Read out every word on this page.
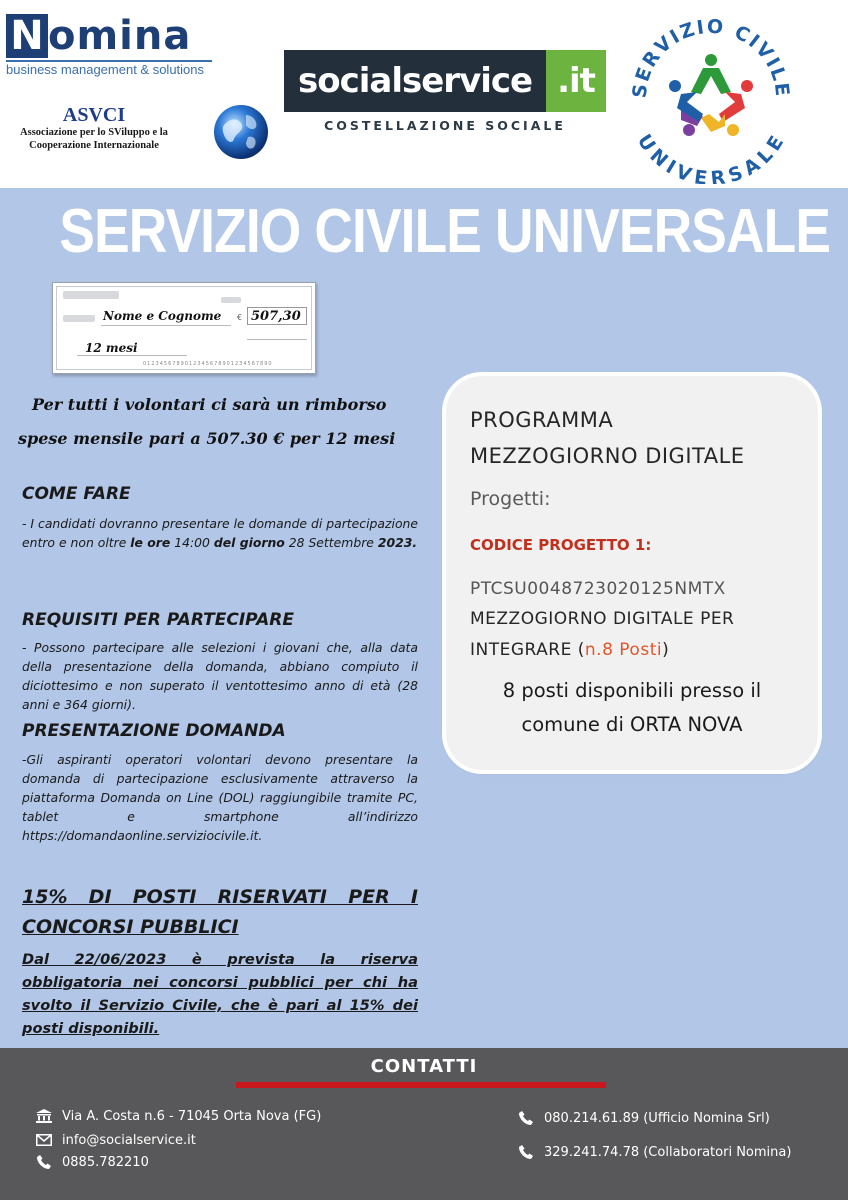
N omina
business management & solutions
ASVCI
Associazione per lo SViluppo e la
Cooperazione Internazionale
socialservice .it
COSTELLAZIONE SOCIALE
SERVIZIO CIVILE
UNIVERSALE
SERVIZIO CIVILE UNIVERSALE
Nome e Cognome € 507,30
12 mesi
0123456789012345678901234567890
Per tutti i volontari ci sarà un rimborso
spese mensile pari a 507.30 € per 12 mesi
COME FARE
- I candidati dovranno presentare le domande di partecipazione entro e non oltre le ore 14:00 del giorno 28 Settembre 2023.
REQUISITI PER PARTECIPARE
- Possono partecipare alle selezioni i giovani che, alla data della presentazione della domanda, abbiano compiuto il diciottesimo e non superato il ventottesimo anno di età (28 anni e 364 giorni).
PRESENTAZIONE DOMANDA
-Gli aspiranti operatori volontari devono presentare la domanda di partecipazione esclusivamente attraverso la piattaforma Domanda on Line (DOL) raggiungibile tramite PC, tablet e smartphone all’indirizzo https://domandaonline.serviziocivile.it.
15% DI POSTI RISERVATI PER I
CONCORSI PUBBLICI
Dal 22/06/2023 è prevista la riserva obbligatoria nei concorsi pubblici per chi ha svolto il Servizio Civile, che è pari al 15% dei posti disponibili.
PROGRAMMA
MEZZOGIORNO DIGITALE
Progetti:
CODICE PROGETTO 1:
PTCSU0048723020125NMTX
MEZZOGIORNO DIGITALE PER INTEGRARE (n.8 Posti)
8 posti disponibili presso il
comune di ORTA NOVA
CONTATTI
Via A. Costa n.6 - 71045 Orta Nova (FG)
info@socialservice.it
0885.782210
080.214.61.89 (Ufficio Nomina Srl)
329.241.74.78 (Collaboratori Nomina)
